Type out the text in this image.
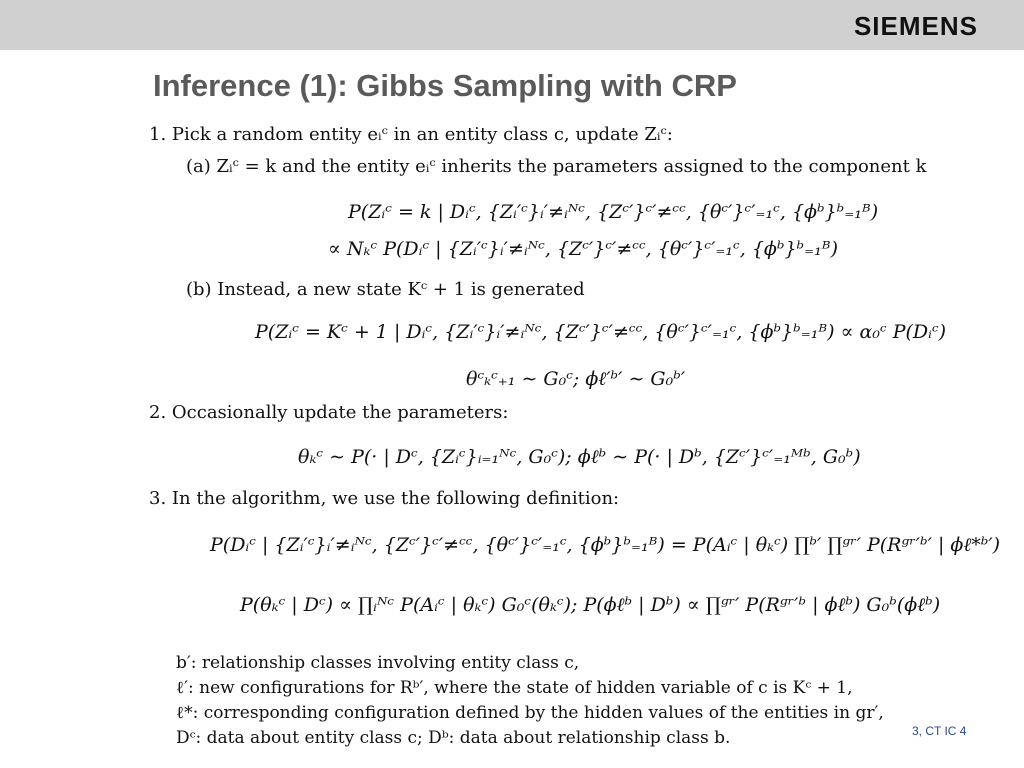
SIEMENS
Inference (1): Gibbs Sampling with CRP
1. Pick a random entity eᵢᶜ in an entity class c, update Zᵢᶜ:
(a) Zᵢᶜ = k and the entity eᵢᶜ inherits the parameters assigned to the component k
P(Zᵢᶜ = k | Dᵢᶜ, {Zᵢ′ᶜ}ᵢ′≠ᵢᴺᶜ, {Zᶜ′}ᶜ′≠ᶜᶜ, {θᶜ′}ᶜ′₌₁ᶜ, {ϕᵇ}ᵇ₌₁ᴮ)
∝ Nₖᶜ P(Dᵢᶜ | {Zᵢ′ᶜ}ᵢ′≠ᵢᴺᶜ, {Zᶜ′}ᶜ′≠ᶜᶜ, {θᶜ′}ᶜ′₌₁ᶜ, {ϕᵇ}ᵇ₌₁ᴮ)
(b) Instead, a new state Kᶜ + 1 is generated
P(Zᵢᶜ = Kᶜ + 1 | Dᵢᶜ, {Zᵢ′ᶜ}ᵢ′≠ᵢᴺᶜ, {Zᶜ′}ᶜ′≠ᶜᶜ, {θᶜ′}ᶜ′₌₁ᶜ, {ϕᵇ}ᵇ₌₁ᴮ) ∝ α₀ᶜ P(Dᵢᶜ)
θᶜₖᶜ₊₁ ∼ G₀ᶜ; ϕℓ′ᵇ′ ∼ G₀ᵇ′
2. Occasionally update the parameters:
θₖᶜ ∼ P(· | Dᶜ, {Zᵢᶜ}ᵢ₌₁ᴺᶜ, G₀ᶜ); ϕℓᵇ ∼ P(· | Dᵇ, {Zᶜ′}ᶜ′₌₁ᴹᵇ, G₀ᵇ)
3. In the algorithm, we use the following definition:
P(Dᵢᶜ | {Zᵢ′ᶜ}ᵢ′≠ᵢᴺᶜ, {Zᶜ′}ᶜ′≠ᶜᶜ, {θᶜ′}ᶜ′₌₁ᶜ, {ϕᵇ}ᵇ₌₁ᴮ) = P(Aᵢᶜ | θₖᶜ) ∏ᵇ′ ∏ᵍʳ′ P(Rᵍʳ′ᵇ′ | ϕℓ*ᵇ′)
P(θₖᶜ | Dᶜ) ∝ ∏ᵢᴺᶜ P(Aᵢᶜ | θₖᶜ) G₀ᶜ(θₖᶜ); P(ϕℓᵇ | Dᵇ) ∝ ∏ᵍʳ′ P(Rᵍʳ′ᵇ | ϕℓᵇ) G₀ᵇ(ϕℓᵇ)
b′: relationship classes involving entity class c,
ℓ′: new configurations for Rᵇ′, where the state of hidden variable of c is Kᶜ + 1,
ℓ*: corresponding configuration defined by the hidden values of the entities in gr′,
Dᶜ: data about entity class c; Dᵇ: data about relationship class b.	3, CT IC 4
